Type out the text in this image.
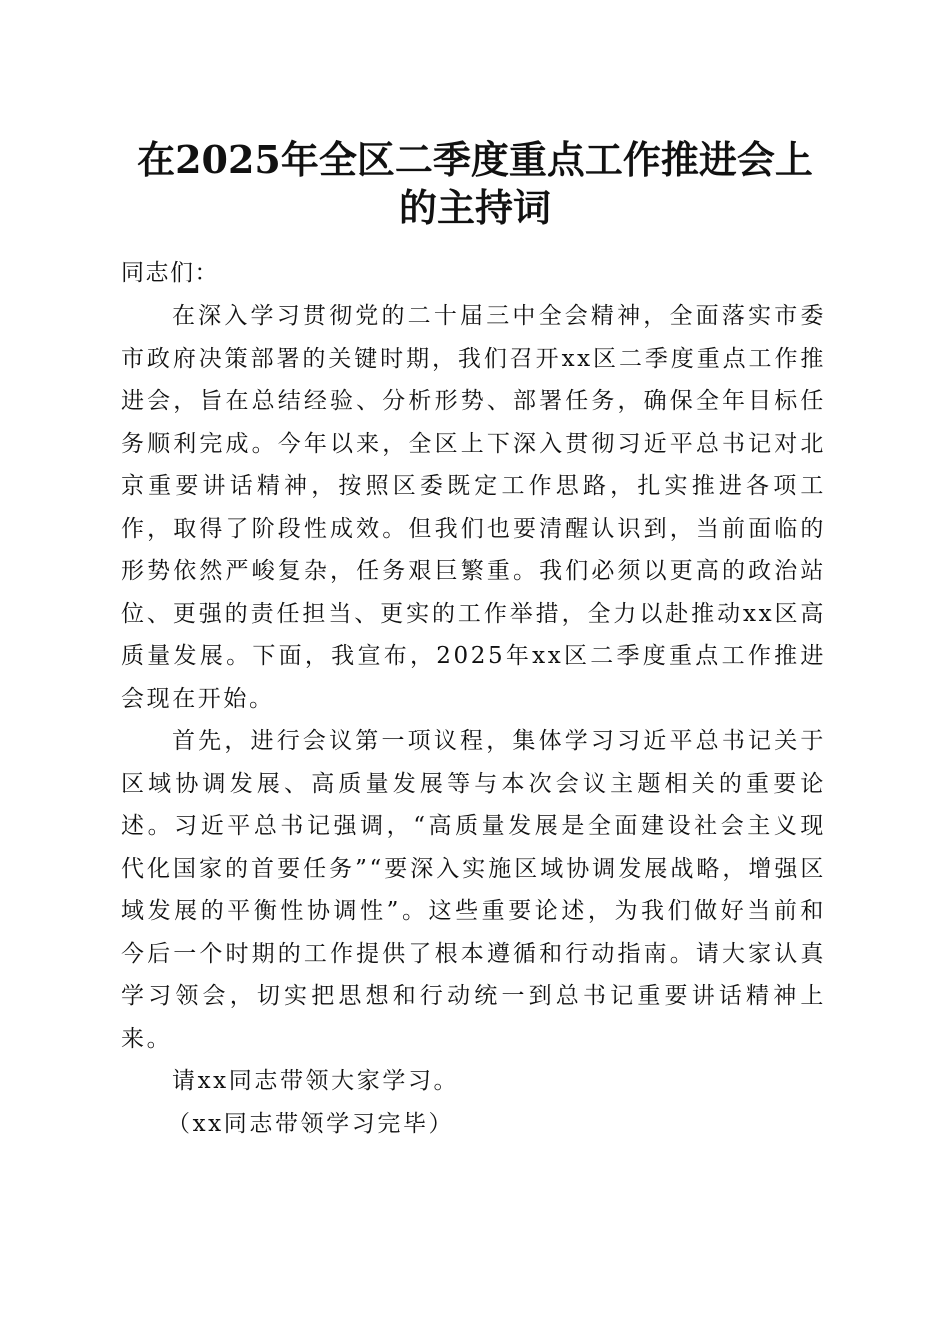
在2025年全区二季度重点工作推进会上的主持词

同志们：

在深入学习贯彻党的二十届三中全会精神，全面落实市委市政府决策部署的关键时期，我们召开xx区二季度重点工作推进会，旨在总结经验、分析形势、部署任务，确保全年目标任务顺利完成。今年以来，全区上下深入贯彻习近平总书记对北京重要讲话精神，按照区委既定工作思路，扎实推进各项工作，取得了阶段性成效。但我们也要清醒认识到，当前面临的形势依然严峻复杂，任务艰巨繁重。我们必须以更高的政治站位、更强的责任担当、更实的工作举措，全力以赴推动xx区高质量发展。下面，我宣布，2025年xx区二季度重点工作推进会现在开始。

首先，进行会议第一项议程，集体学习习近平总书记关于区域协调发展、高质量发展等与本次会议主题相关的重要论述。习近平总书记强调，“高质量发展是全面建设社会主义现代化国家的首要任务”“要深入实施区域协调发展战略，增强区域发展的平衡性协调性”。这些重要论述，为我们做好当前和今后一个时期的工作提供了根本遵循和行动指南。请大家认真学习领会，切实把思想和行动统一到总书记重要讲话精神上来。

请xx同志带领大家学习。

（xx同志带领学习完毕）
